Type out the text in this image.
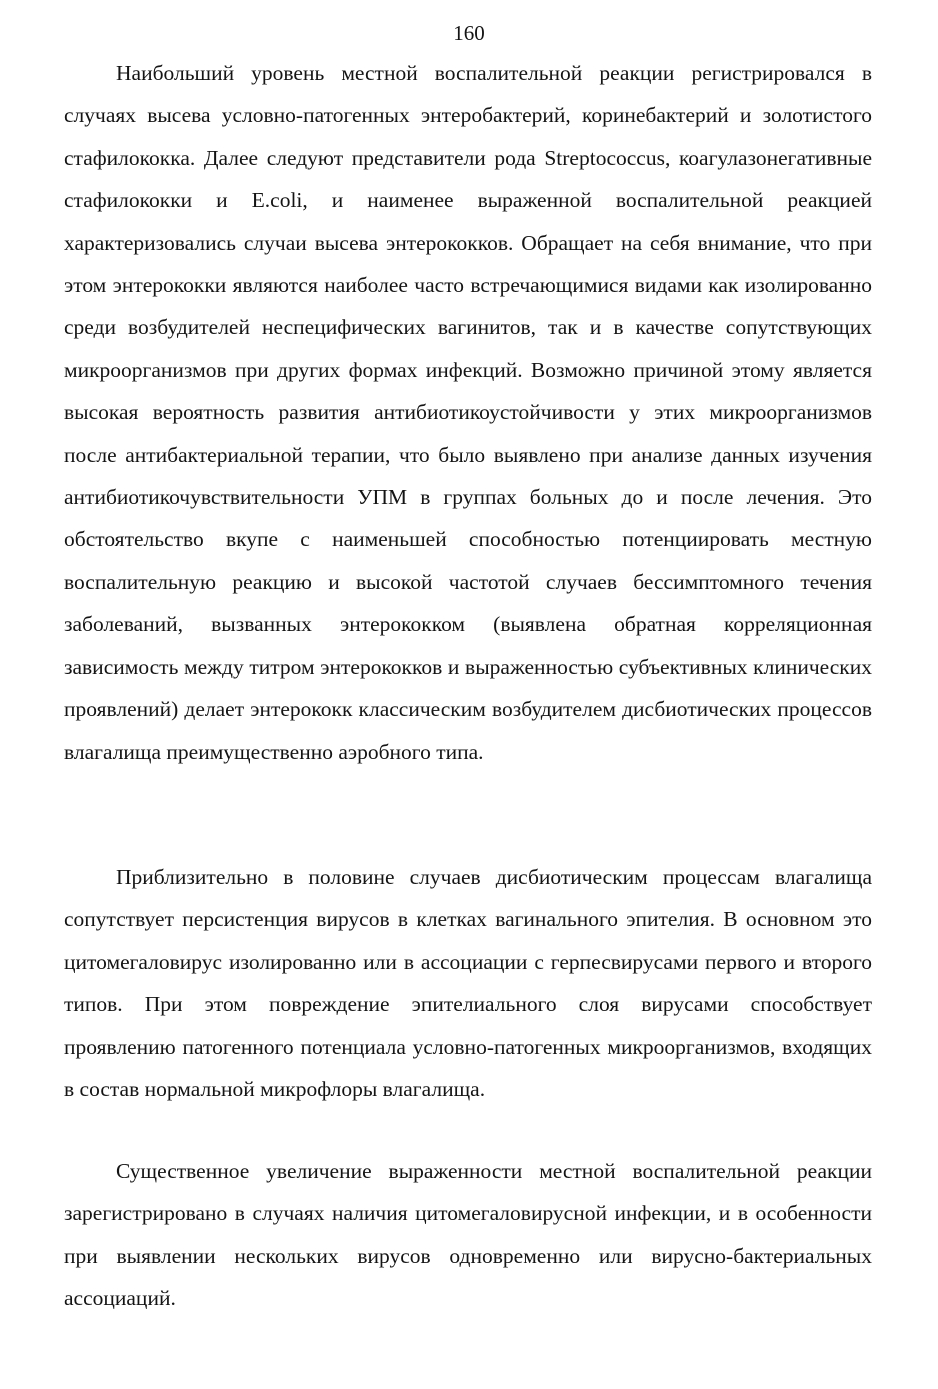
160

Наибольший уровень местной воспалительной реакции регистрировался в случаях высева условно-патогенных энтеробактерий, коринебактерий и золотистого стафилококка. Далее следуют представители рода Streptococcus, коагулазонегативные стафилококки и E.coli, и наименее выраженной воспалительной реакцией характеризовались случаи высева энтерококков. Обращает на себя внимание, что при этом энтерококки являются наиболее часто встречающимися видами как изолированно среди возбудителей неспецифических вагинитов, так и в качестве сопутствующих микроорганизмов при других формах инфекций. Возможно причиной этому является высокая вероятность развития антибиотикоустойчивости у этих микроорганизмов после антибактериальной терапии, что было выявлено при анализе данных изучения антибиотикочувствительности УПМ в группах больных до и после лечения. Это обстоятельство вкупе с наименьшей способностью потенциировать местную воспалительную реакцию и высокой частотой случаев бессимптомного течения заболеваний, вызванных энтерококком (выявлена обратная корреляционная зависимость между титром энтерококков и выраженностью субъективных клинических проявлений) делает энтерококк классическим возбудителем дисбиотических процессов влагалища преимущественно аэробного типа.

Приблизительно в половине случаев дисбиотическим процессам влагалища сопутствует персистенция вирусов в клетках вагинального эпителия. В основном это цитомегаловирус изолированно или в ассоциации с герпесвирусами первого и второго типов. При этом повреждение эпителиального слоя вирусами способствует проявлению патогенного потенциала условно-патогенных микроорганизмов, входящих в состав нормальной микрофлоры влагалища.

Существенное увеличение выраженности местной воспалительной реакции зарегистрировано в случаях наличия цитомегаловирусной инфекции, и в особенности при выявлении нескольких вирусов одновременно или вирусно-бактериальных ассоциаций.
